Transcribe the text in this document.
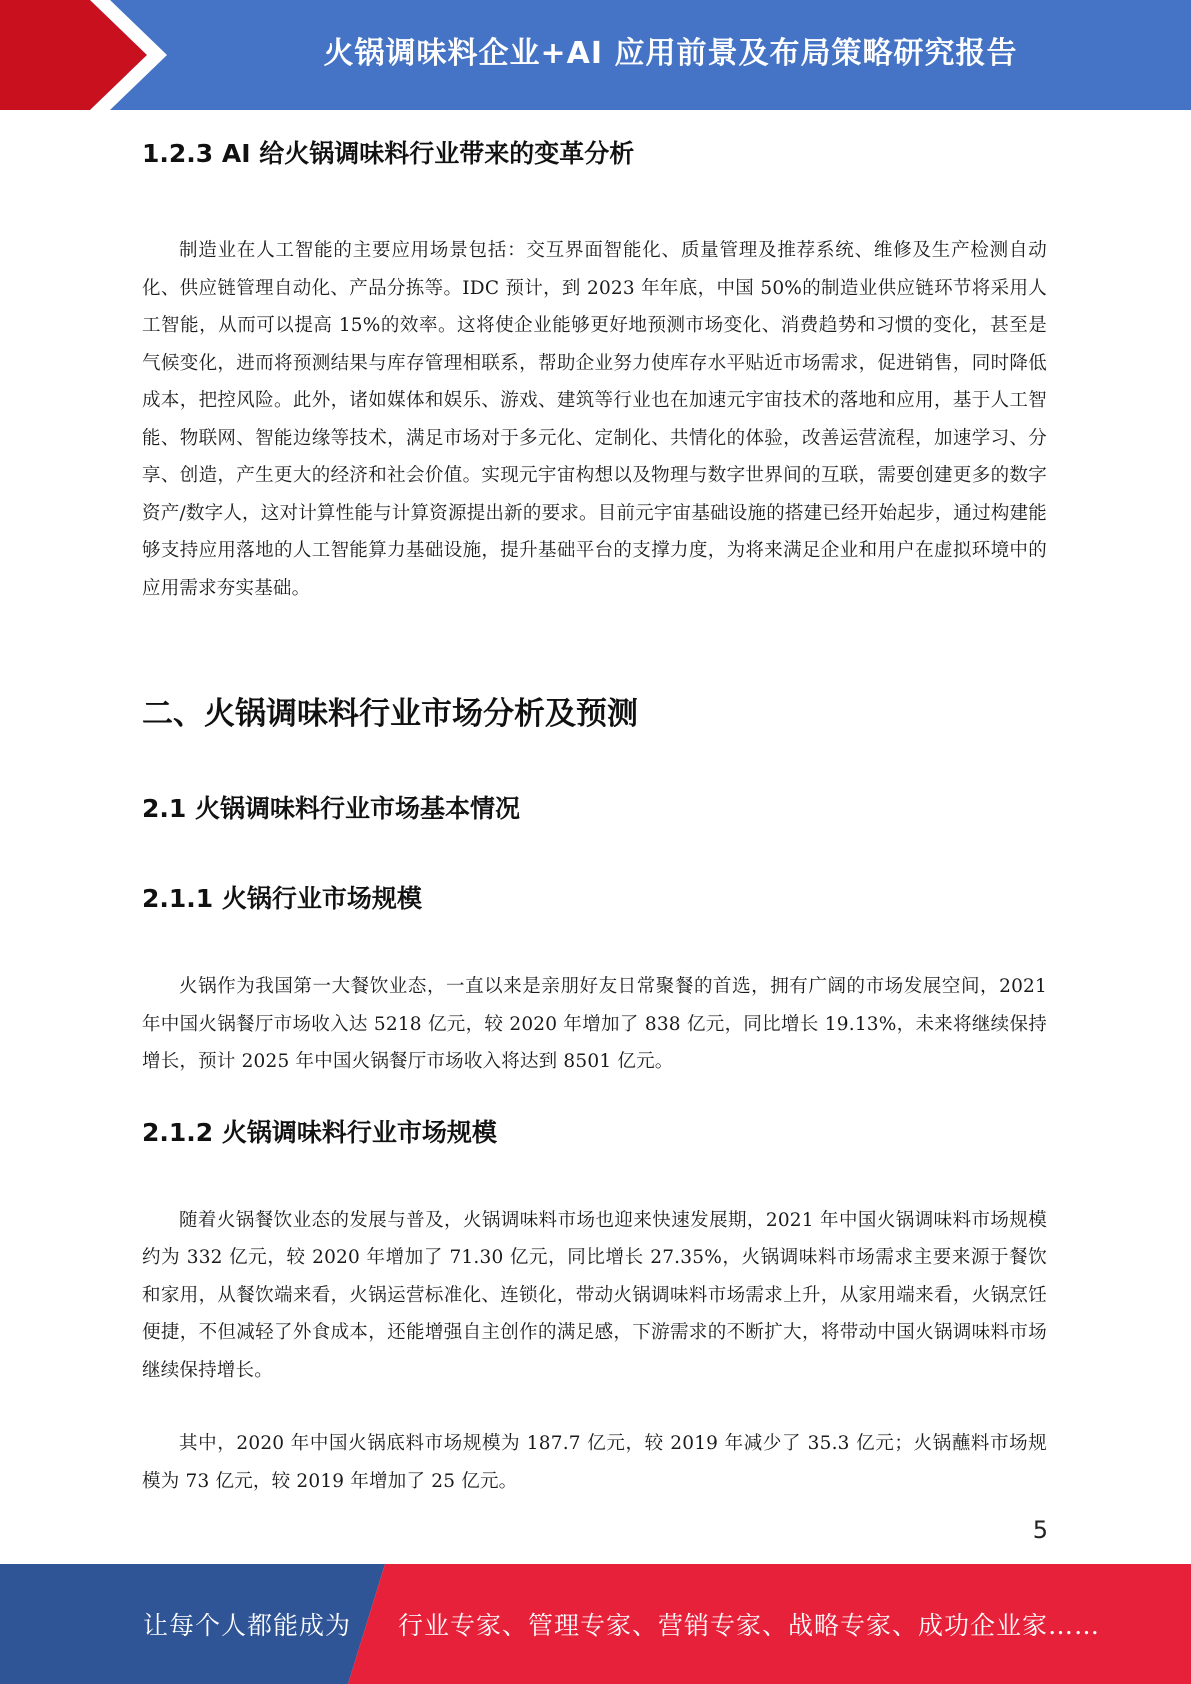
火锅调味料企业+AI 应用前景及布局策略研究报告
1.2.3 AI 给火锅调味料行业带来的变革分析

制造业在人工智能的主要应用场景包括：交互界面智能化、质量管理及推荐系统、维修及生产检测自动化、供应链管理自动化、产品分拣等。IDC 预计，到 2023 年年底，中国 50%的制造业供应链环节将采用人工智能，从而可以提高 15%的效率。这将使企业能够更好地预测市场变化、消费趋势和习惯的变化，甚至是气候变化，进而将预测结果与库存管理相联系，帮助企业努力使库存水平贴近市场需求，促进销售，同时降低成本，把控风险。此外，诸如媒体和娱乐、游戏、建筑等行业也在加速元宇宙技术的落地和应用，基于人工智能、物联网、智能边缘等技术，满足市场对于多元化、定制化、共情化的体验，改善运营流程，加速学习、分享、创造，产生更大的经济和社会价值。实现元宇宙构想以及物理与数字世界间的互联，需要创建更多的数字资产/数字人，这对计算性能与计算资源提出新的要求。目前元宇宙基础设施的搭建已经开始起步，通过构建能够支持应用落地的人工智能算力基础设施，提升基础平台的支撑力度，为将来满足企业和用户在虚拟环境中的应用需求夯实基础。

二、火锅调味料行业市场分析及预测
2.1 火锅调味料行业市场基本情况
2.1.1 火锅行业市场规模

火锅作为我国第一大餐饮业态，一直以来是亲朋好友日常聚餐的首选，拥有广阔的市场发展空间，2021 年中国火锅餐厅市场收入达 5218 亿元，较 2020 年增加了 838 亿元，同比增长 19.13%，未来将继续保持增长，预计 2025 年中国火锅餐厅市场收入将达到 8501 亿元。

2.1.2 火锅调味料行业市场规模

随着火锅餐饮业态的发展与普及，火锅调味料市场也迎来快速发展期，2021 年中国火锅调味料市场规模约为 332 亿元，较 2020 年增加了 71.30 亿元，同比增长 27.35%，火锅调味料市场需求主要来源于餐饮和家用，从餐饮端来看，火锅运营标准化、连锁化，带动火锅调味料市场需求上升，从家用端来看，火锅烹饪便捷，不但减轻了外食成本，还能增强自主创作的满足感，下游需求的不断扩大，将带动中国火锅调味料市场继续保持增长。

其中，2020 年中国火锅底料市场规模为 187.7 亿元，较 2019 年减少了 35.3 亿元；火锅蘸料市场规模为 73 亿元，较 2019 年增加了 25 亿元。

5
让每个人都能成为 行业专家、管理专家、营销专家、战略专家、成功企业家……
